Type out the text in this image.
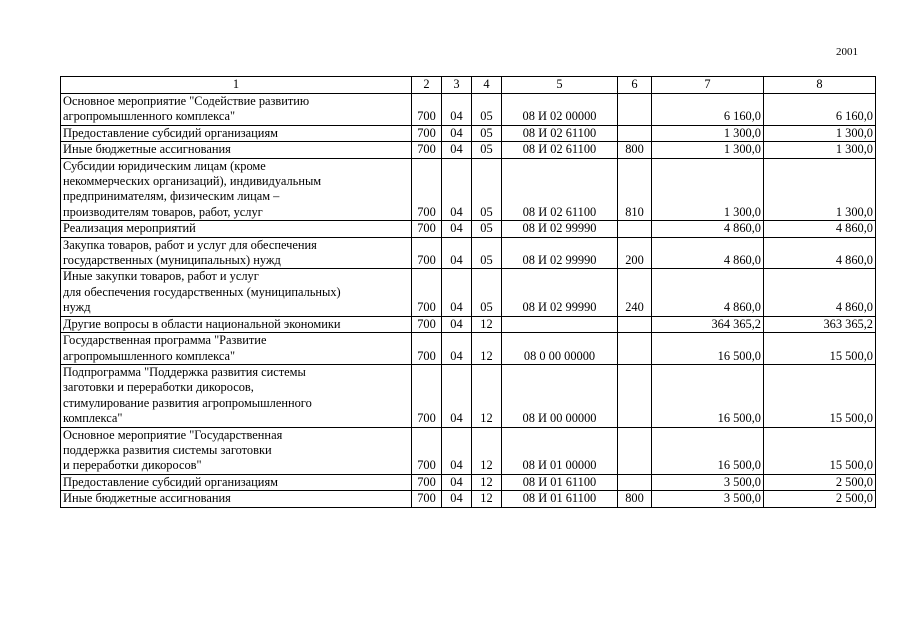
2001
1	2	3	4	5	6	7	8
Основное мероприятие "Содействие развитию
агропромышленного комплекса"	700	04	05	08 И 02 00000		6 160,0	6 160,0
Предоставление субсидий организациям	700	04	05	08 И 02 61100		1 300,0	1 300,0
Иные бюджетные ассигнования	700	04	05	08 И 02 61100	800	1 300,0	1 300,0
Субсидии юридическим лицам (кроме
некоммерческих организаций), индивидуальным
предпринимателям, физическим лицам –
производителям товаров, работ, услуг	700	04	05	08 И 02 61100	810	1 300,0	1 300,0
Реализация мероприятий	700	04	05	08 И 02 99990		4 860,0	4 860,0
Закупка товаров, работ и услуг для обеспечения
государственных (муниципальных) нужд	700	04	05	08 И 02 99990	200	4 860,0	4 860,0
Иные закупки товаров, работ и услуг
для обеспечения государственных (муниципальных)
нужд	700	04	05	08 И 02 99990	240	4 860,0	4 860,0
Другие вопросы в области национальной экономики	700	04	12			364 365,2	363 365,2
Государственная программа "Развитие
агропромышленного комплекса"	700	04	12	08 0 00 00000		16 500,0	15 500,0
Подпрограмма "Поддержка развития системы
заготовки и переработки дикоросов,
стимулирование развития агропромышленного
комплекса"	700	04	12	08 И 00 00000		16 500,0	15 500,0
Основное мероприятие "Государственная
поддержка развития системы заготовки
и переработки дикоросов"	700	04	12	08 И 01 00000		16 500,0	15 500,0
Предоставление субсидий организациям	700	04	12	08 И 01 61100		3 500,0	2 500,0
Иные бюджетные ассигнования	700	04	12	08 И 01 61100	800	3 500,0	2 500,0
